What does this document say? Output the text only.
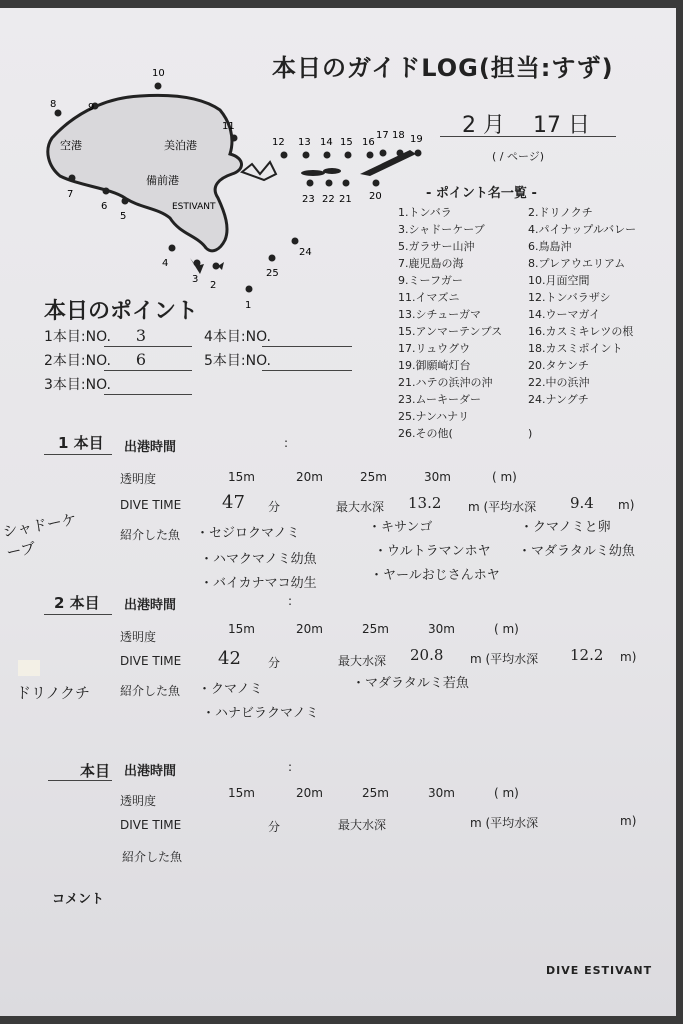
本日のガイドLOG(担当:すず)
2 月 17 日
( / ページ)
空港	美泊港
備前港
ESTIVANT
1
2
3
4
5
6
7
8	9
10
11
12 13 14 15 16
17 18 19
20
21
22
23
24
25
- ポイント名一覧 -
1.トンバラ	2.ドリノクチ
3.シャドーケーブ	4.パイナップルバレー
5.ガラサー山沖	6.鳥島沖
7.鹿児島の海	8.プレアウエリアム
9.ミーフガー	10.月面空間
11.イマズニ	12.トンバラザシ
13.シチューガマ	14.ウーマガイ
15.アンマーテンブス	16.カスミキレツの根
17.リュウグウ	18.カスミポイント
19.御願崎灯台	20.タケンチ
21.ハテの浜沖の沖	22.中の浜沖
23.ムーキーダー	24.ナングチ
25.ナンハナリ
26.その他(	)
本日のポイント
1本目:NO. 3
2本目:NO. 6
3本目:NO.
4本目:NO.
5本目:NO.
1 本目 出港時間	:
透明度	15m	20m	25m	30m	( m)
DIVE TIME 47 分	最大水深 13.2 m (平均水深 9.4 m)
紹介した魚 ・セジロクマノミ	・キサンゴ	・クマノミと卵
・ハマクマノミ幼魚
・ウルトラマンホヤ ・マダラタルミ幼魚
・バイカナマコ幼生
・ヤールおじさんホヤ
シャドーケーブ
2 本目 出港時間	:
透明度
15m	20m	25m	30m	( m)
DIVE TIME 42 分	最大水深 20.8 m (平均水深 12.2 m)
紹介した魚 ・クマノミ	・マダラタルミ若魚
・ハナビラクマノミ
ドリノクチ
本目 出港時間	:
透明度
15m	20m	25m	30m	( m)
DIVE TIME	分	最大水深	m (平均水深	m)
紹介した魚
コメント
DIVE ESTIVANT
